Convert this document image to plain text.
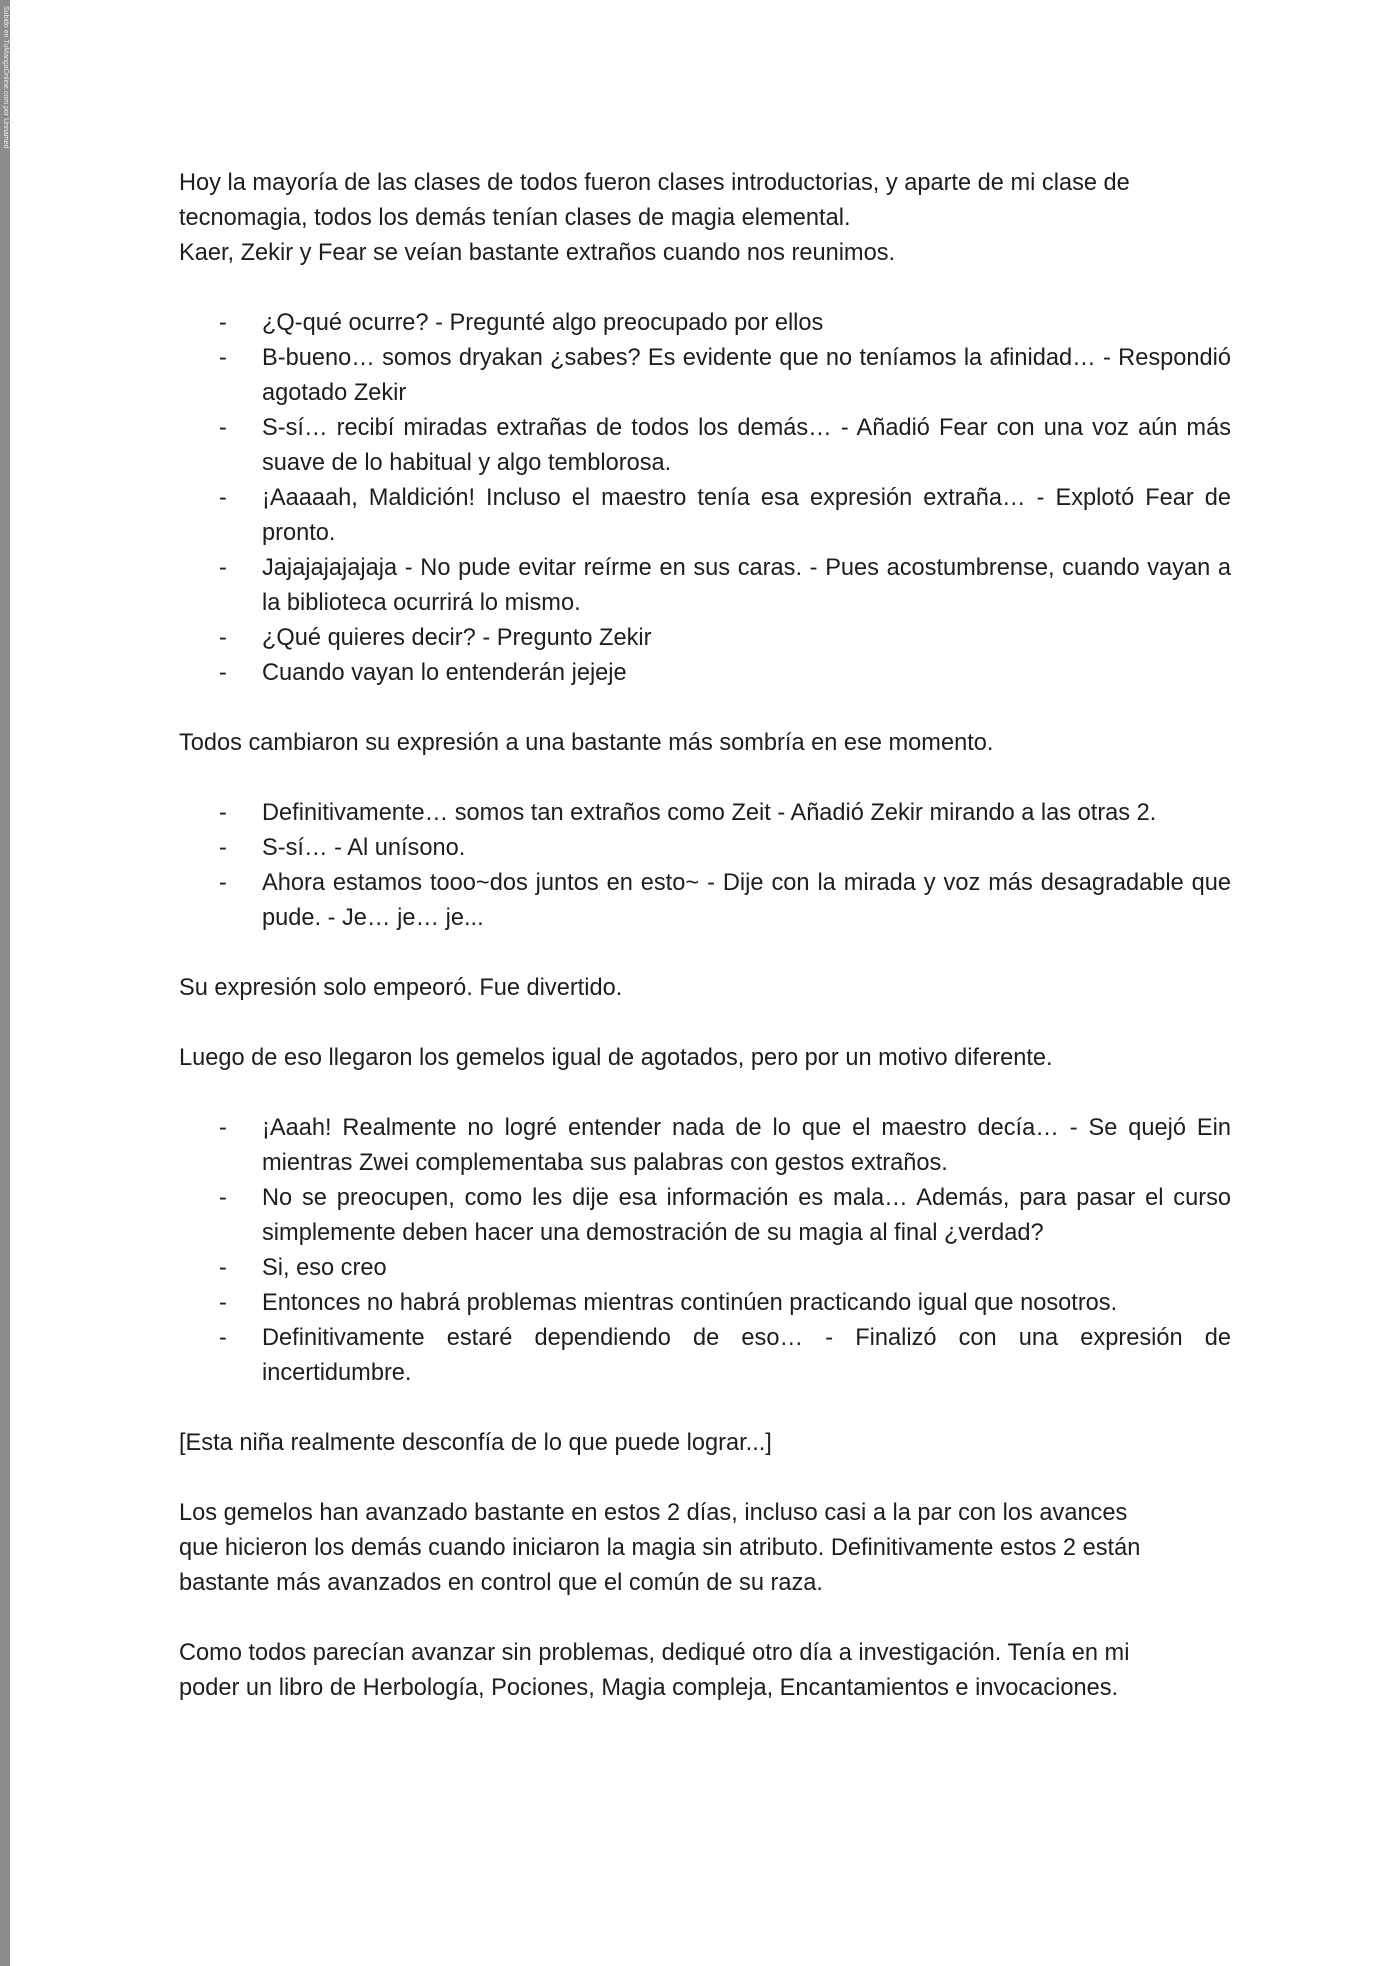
Subido en TuMangaOnline.com por Unnamed
Hoy la mayoría de las clases de todos fueron clases introductorias, y aparte de mi clase de
tecnomagia, todos los demás tenían clases de magia elemental.
Kaer, Zekir y Fear se veían bastante extraños cuando nos reunimos.
- ¿Q-qué ocurre? - Pregunté algo preocupado por ellos
- B-bueno… somos dryakan ¿sabes? Es evidente que no teníamos la afinidad… - Respondió agotado Zekir
- S-sí… recibí miradas extrañas de todos los demás… - Añadió Fear con una voz aún más suave de lo habitual y algo temblorosa.
- ¡Aaaaah, Maldición! Incluso el maestro tenía esa expresión extraña… - Explotó Fear de pronto.
- Jajajajajajaja - No pude evitar reírme en sus caras. - Pues acostumbrense, cuando vayan a la biblioteca ocurrirá lo mismo.
- ¿Qué quieres decir? - Pregunto Zekir
- Cuando vayan lo entenderán jejeje
Todos cambiaron su expresión a una bastante más sombría en ese momento.
- Definitivamente… somos tan extraños como Zeit - Añadió Zekir mirando a las otras 2.
- S-sí… - Al unísono.
- Ahora estamos tooo~dos juntos en esto~ - Dije con la mirada y voz más desagradable que pude. - Je… je… je...
Su expresión solo empeoró. Fue divertido.
Luego de eso llegaron los gemelos igual de agotados, pero por un motivo diferente.
- ¡Aaah! Realmente no logré entender nada de lo que el maestro decía… - Se quejó Ein mientras Zwei complementaba sus palabras con gestos extraños.
- No se preocupen, como les dije esa información es mala… Además, para pasar el curso simplemente deben hacer una demostración de su magia al final ¿verdad?
- Si, eso creo
- Entonces no habrá problemas mientras continúen practicando igual que nosotros.
- Definitivamente estaré dependiendo de eso… - Finalizó con una expresión de incertidumbre.
[Esta niña realmente desconfía de lo que puede lograr...]
Los gemelos han avanzado bastante en estos 2 días, incluso casi a la par con los avances
que hicieron los demás cuando iniciaron la magia sin atributo. Definitivamente estos 2 están
bastante más avanzados en control que el común de su raza.
Como todos parecían avanzar sin problemas, dediqué otro día a investigación. Tenía en mi
poder un libro de Herbología, Pociones, Magia compleja, Encantamientos e invocaciones.
